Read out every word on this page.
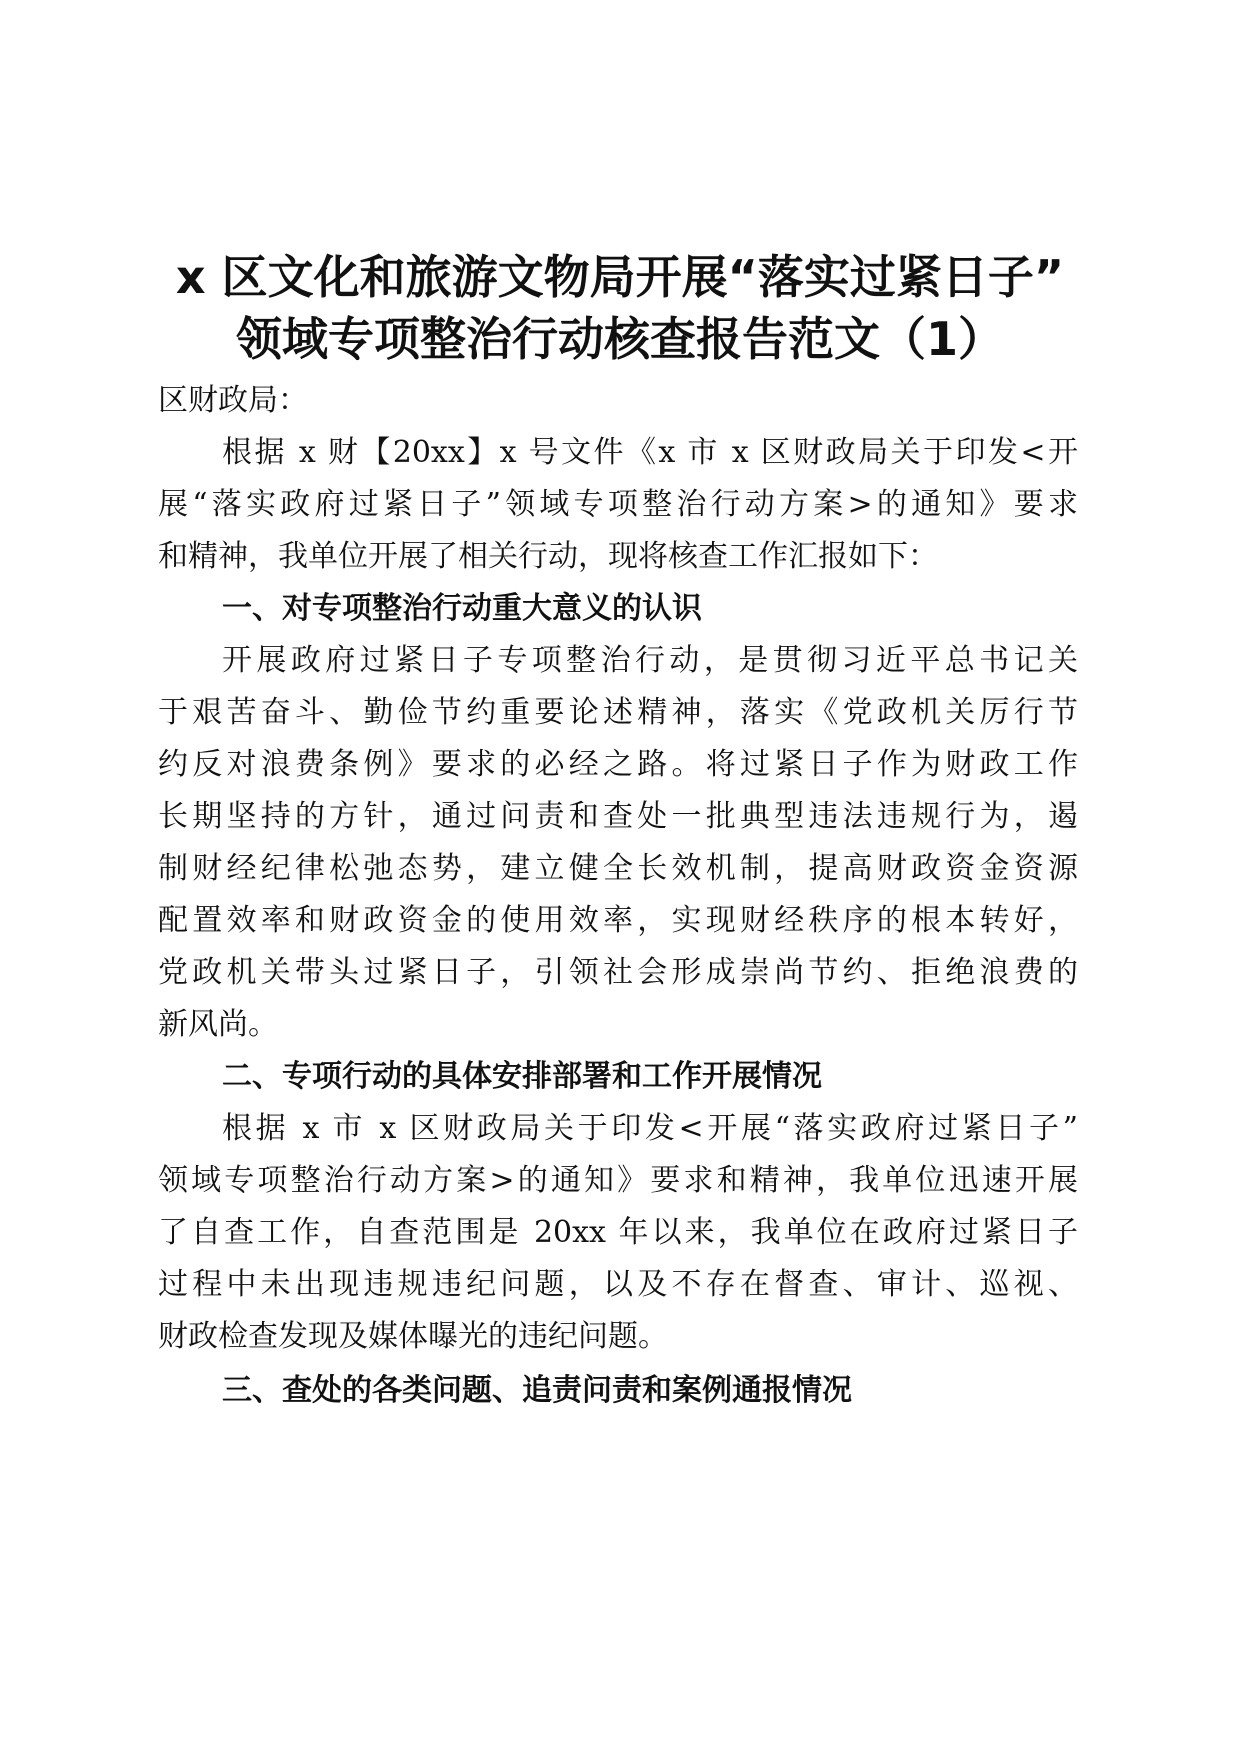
x 区文化和旅游文物局开展“落实过紧日子”
领域专项整治行动核查报告范文（1）
区财政局：
根据 x 财【20xx】x 号文件《x 市 x 区财政局关于印发<开
展“落实政府过紧日子”领域专项整治行动方案>的通知》要求
和精神，我单位开展了相关行动，现将核查工作汇报如下：
一、对专项整治行动重大意义的认识
开展政府过紧日子专项整治行动，是贯彻习近平总书记关
于艰苦奋斗、勤俭节约重要论述精神，落实《党政机关厉行节
约反对浪费条例》要求的必经之路。将过紧日子作为财政工作
长期坚持的方针，通过问责和查处一批典型违法违规行为，遏
制财经纪律松弛态势，建立健全长效机制，提高财政资金资源
配置效率和财政资金的使用效率，实现财经秩序的根本转好，
党政机关带头过紧日子，引领社会形成崇尚节约、拒绝浪费的
新风尚。
二、专项行动的具体安排部署和工作开展情况
根据 x 市 x 区财政局关于印发<开展“落实政府过紧日子”
领域专项整治行动方案>的通知》要求和精神，我单位迅速开展
了自查工作，自查范围是 20xx 年以来，我单位在政府过紧日子
过程中未出现违规违纪问题，以及不存在督查、审计、巡视、
财政检查发现及媒体曝光的违纪问题。
三、查处的各类问题、追责问责和案例通报情况
